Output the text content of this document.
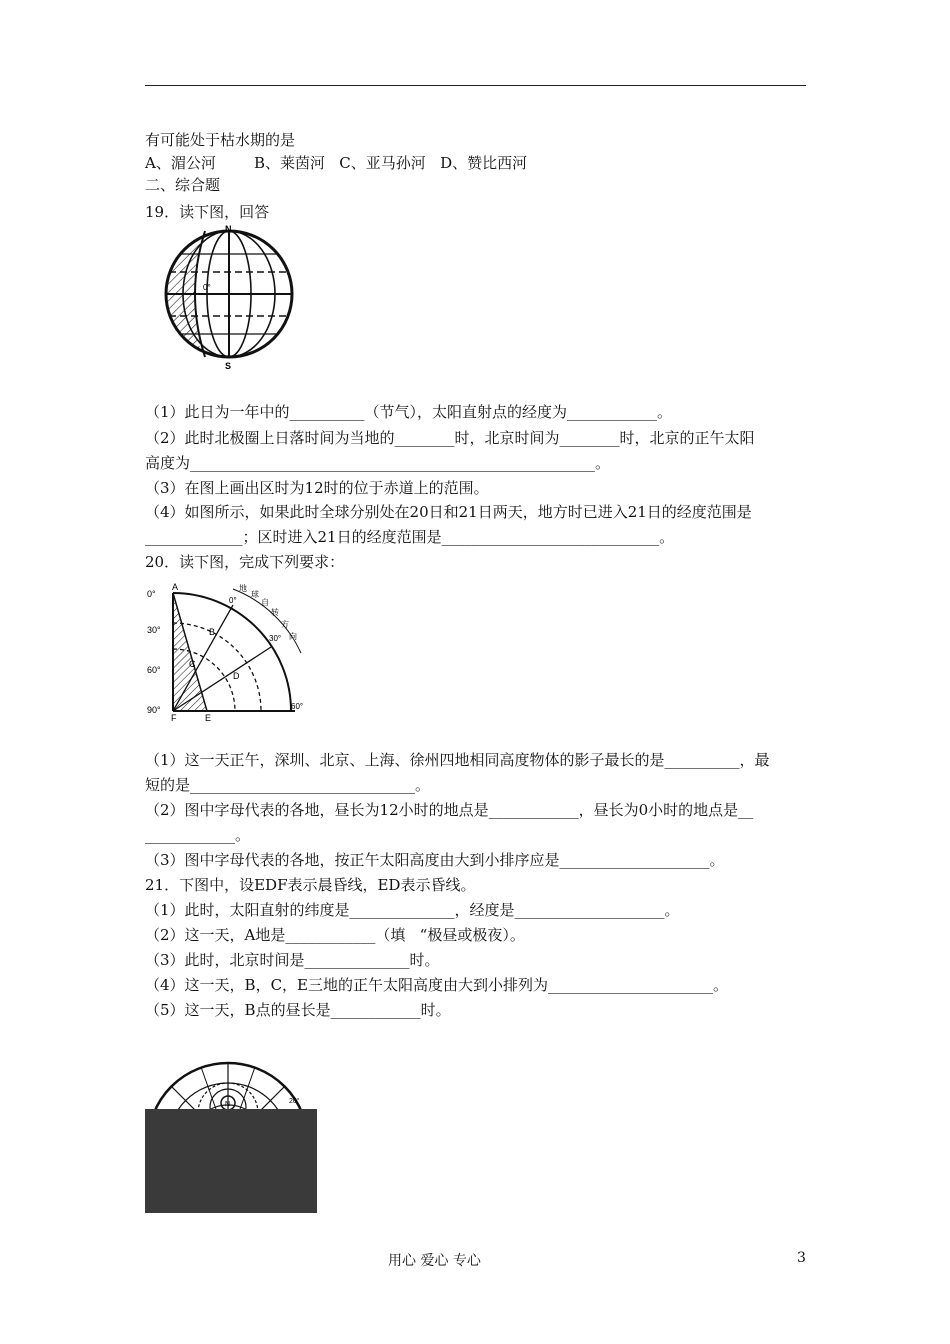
有可能处于枯水期的是
A、湄公河        B、莱茵河   C、亚马孙河   D、赞比西河
二、综合题
19．读下图，回答
N
S
0°
（1）此日为一年中的__________（节气），太阳直射点的经度为____________。
（2）此时北极圈上日落时间为当地的________时，北京时间为________时，北京的正午太阳
高度为______________________________________________________。
（3）在图上画出区时为12时的位于赤道上的范围。
（4）如图所示，如果此时全球分别处在20日和21日两天，地方时已进入21日的经度范围是
_____________；区时进入21日的经度范围是_____________________________。
20．读下图，完成下列要求：
0°
30°
60°
90°
0°
30°
60°
A
B
C
D
E
F
地
球
自
转
方
向
（1）这一天正午，深圳、北京、上海、徐州四地相同高度物体的影子最长的是__________，最
短的是______________________________。
（2）图中字母代表的各地，昼长为12小时的地点是____________，昼长为0小时的地点是__
____________。
（3）图中字母代表的各地，按正午太阳高度由大到小排序应是____________________。
21．下图中，设EDF表示晨昏线，ED表示昏线。
（1）此时，太阳直射的纬度是______________，经度是____________________。
（2）这一天，A地是____________（填   “极昼或极夜）。
（3）此时，北京时间是______________时。
（4）这一天，B，C，E三地的正午太阳高度由大到小排列为______________________。
（5）这一天，B点的昼长是____________时。
N	20°
用心 爱心 专心	3
